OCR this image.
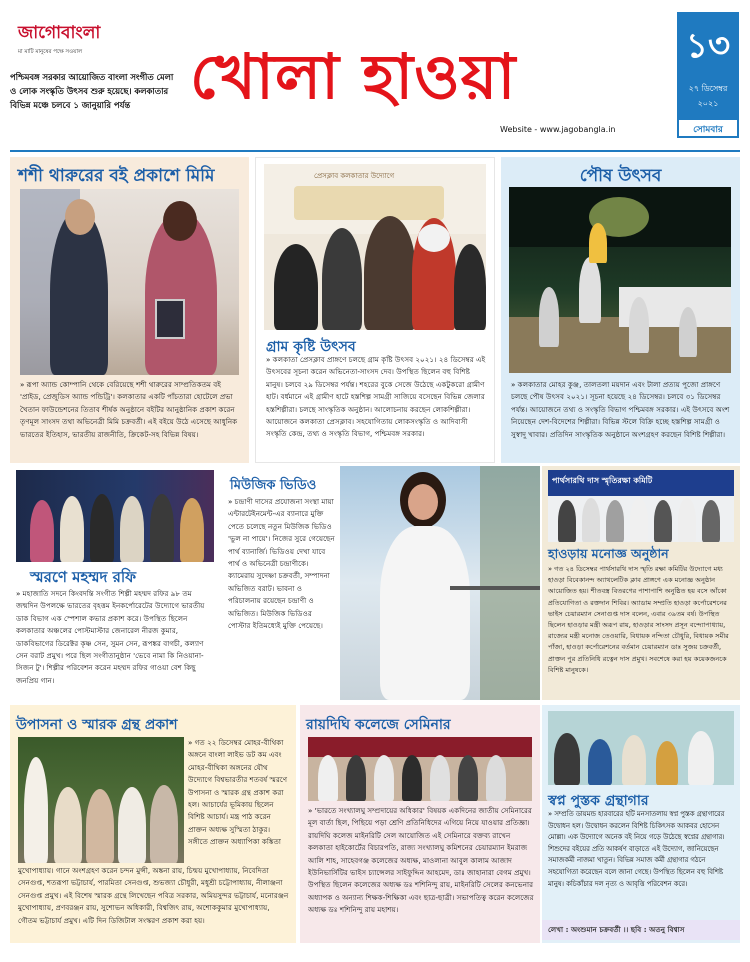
জাগোবাংলা
মা মাটি মানুষের পক্ষে সওয়াল
পশ্চিমবঙ্গ সরকার আয়োজিত বাংলা সংগীত মেলা ও লোক সংস্কৃতি উৎসব শুরু হয়েছে। কলকাতার বিভিন্ন মঞ্চে চলবে ১ জানুয়ারি পর্যন্ত খোলা হাওয়া
Website - www.jagobangla.in
১৩
২৭ ডিসেম্বর
২০২১
সোমবার
শশী থারুরের বই প্রকাশে মিমি
» রূপা অ্যান্ড কোম্পানি থেকে বেরিয়েছে শশী থারুরের সাম্প্রতিকতম বই 'প্রাইড, প্রেজুডিস অ্যান্ড পন্ডিট্রি'। কলকাতার একটি পাঁচতারা হোটেলে প্রভা খৈতান ফাউন্ডেশনের তিতাব শীর্ষক অনুষ্ঠানে বইটির আনুষ্ঠানিক প্রকাশ করেন তৃণমূল সাংসদ তথা অভিনেত্রী মিমি চক্রবর্তী। এই বইয়ে উঠে এসেছে আধুনিক ভারতের ইতিহাস, ভারতীয় রাজনীতি, ক্রিকেট-সহ বিভিন্ন বিষয়।
প্রেসক্লাব কলকাতার উদ্যোগে
গ্রাম কৃষ্টি উৎসব
» কলকাতা প্রেসক্লাব প্রাঙ্গণে চলছে গ্রাম কৃষ্টি উৎসব ২০২১। ২৪ ডিসেম্বর এই উৎসবের সূচনা করেন অভিনেতা-সাংসদ দেব। উপস্থিত ছিলেন বহু বিশিষ্ট মানুষ। চলবে ২৯ ডিসেম্বর পর্যন্ত। শহরের বুকে সেজে উঠেছে একটুকরো গ্রামীণ হাট। বর্ধমানে এই গ্রামীণ হাটে হস্তশিল্প সামগ্রী সাজিয়ে বসেছেন বিভিন্ন জেলার হস্তশিল্পীরা। চলছে সাংস্কৃতিক অনুষ্ঠান। আলোচনায় করছেন লোকশিল্পীরা। আয়োজনে কলকাতা প্রেসক্লাব। সহযোগিতায় লোকসংস্কৃতি ও আদিবাসী সংস্কৃতি কেন্দ্র, তথ্য ও সংস্কৃতি বিভাগ, পশ্চিমবঙ্গ সরকার।
পৌষ উৎসব
» কলকাতার মোহর কুঞ্জ, তালতলা ময়দান এবং টালা প্রত্যয় পুজো প্রাঙ্গণে চলছে পৌষ উৎসব ২০২১। সূচনা হয়েছে ২৪ ডিসেম্বর। চলবে ৩১ ডিসেম্বর পর্যন্ত। আয়োজনে তথ্য ও সংস্কৃতি বিভাগ পশ্চিমবঙ্গ সরকার। এই উৎসবে অংশ নিয়েছেন দেশ-বিদেশের শিল্পীরা। বিভিন্ন স্টলে বিক্রি হচ্ছে হস্তশিল্প সামগ্রী ও সুস্বাদু খাবার। প্রতিদিন সাংস্কৃতিক অনুষ্ঠানে অংশগ্রহণ করছেন বিশিষ্ট শিল্পীরা।
স্মরণে মহম্মদ রফি
» মহাজাতি সদনে কিংবদন্তি সংগীত শিল্পী মহম্মদ রফির ৯৮ তম জন্মদিন উপলক্ষে ভারতের বৃহত্তম ইনকর্পোরেটের উদ্যোগে ভারতীয় ডাক বিভাগ এক স্পেশাল কভার প্রকাশ করে। উপস্থিত ছিলেন কলকাতার অঞ্চলের পোস্টমাস্টার জেনারেল নীরজ কুমার, ডাকবিভাগের ডিরেক্টর কৃষ্ণ সেন, সুমন সেন, রূপঙ্কর বাগচী, কল্যাণ সেন বরাট প্রমুখ। পরে ছিল সংগীতানুষ্ঠান 'ভেবে নামা কি নিওয়ানা-সিজন টু'। শিল্পীর পরিবেশন করেন মহম্মদ রফির গাওয়া বেশ কিছু জনপ্রিয় গান।
মিউজিক ভিডিও
» চন্দ্রাণী দাসের প্রযোজনা সংস্থা মায়া এন্টারটেইনমেন্ট-এর ব্যানারে মুক্তি পেতে চলেছে নতুন মিউজিক ভিডিও 'ভুল না পায়ে'। নিজের সুরে গেয়েছেন পার্থ ব্যানার্জি। ভিডিওয় দেখা যাবে পার্থ ও অভিনেত্রী চন্দ্রাণীকে। ক্যামেরায় সুদেষ্ণা চক্রবর্তী, সম্পাদনা অভিজিত বরাট। ভাবনা ও পরিচালনায় রয়েছেন চন্দ্রাণী ও অভিজিত। মিউজিক ভিডিওর পোস্টার ইতিমধ্যেই মুক্তি পেয়েছে।
পার্থসারথি দাস স্মৃতিরক্ষা কমিটি
হাওড়ায় মনোজ্ঞ অনুষ্ঠান
» গত ২৪ ডিসেম্বর পার্থসারথি দাস স্মৃতি রক্ষা কমিটির উদ্যোগে মধ্য হাওড়া বিবেকানন্দ অ্যাথলেটিক ক্লাব প্রাঙ্গণে এক মনোজ্ঞ অনুষ্ঠান আয়োজিত হয়। শীতবস্ত্র বিতরণের পাশাপাশি অনুষ্ঠিত হয় বসে আঁকো প্রতিযোগিতা ও রক্তদান শিবির। অ্যাডাম সম্প্রতি হাওড়া কর্পোরেশনের ভাইস চেয়ারম্যান সেনাগুপ্ত দাস বলেন, এবার ৩৯তম বর্ষ। উপস্থিত ছিলেন হাওড়ার মন্ত্রী অরূপ রায়, হাওড়ার সাংসদ প্রসূন বন্দ্যোপাধ্যায়, রাজ্যের মন্ত্রী মনোজ তেওয়ারি, বিধায়ক নন্দিতা চৌধুরি, বিধায়ক সমীর পাঁজা, হাওড়া কর্পোরেশনের বর্তমান চেয়ারম্যান ডাঃ সুজয় চক্রবর্তী, প্রাক্তন পুর প্রতিনিধি রত্নেন দাস প্রমুখ। সবশেষে করা হয় কয়েকজনকে বিশিষ্ট মানুষকে।
উপাসনা ও স্মারক গ্রন্থ প্রকাশ
» গত ২২ ডিসেম্বর মোহর-বীথিকা অঙ্গনে বাংলা লাইভ ডট কম এবং মোহর-বীথিকা অঙ্গনের যৌথ উদ্যোগে বিশ্বভারতীর শতবর্ষ স্মরণে উপাসনা ও স্মারক গ্রন্থ প্রকাশ করা হল। আচার্যের ভূমিকায় ছিলেন বিশিষ্ট আচার্য। মন্ত্র পাঠ করেন প্রাক্তন অধ্যক্ষ সুস্মিতা ঠাকুর। সঙ্গীতে প্রাক্তন অধ্যাপিকা কঙ্কিতা
মুখোপাধ্যায়। গানে অংশগ্রহণ করেন চন্দন মুন্সী, অঙ্কনা রায়, চিন্ময় মুখোপাধ্যায়, নিবেদিতা সেনগুপ্ত, শতরূপা ভট্টাচার্য, পারমিতা সেনগুপ্ত, শুভজ্যা চৌধুরী, মধুশ্রী চট্টোপাধ্যায়, নীলাঞ্জনা সেনগুপ্ত প্রমুখ। এই বিশেষ স্মারক গ্রন্থে লিখেছেন পবিত্র সরকার, অমিয়সুন্দর ভট্টাচার্য, মনোরঞ্জন মুখোপাধ্যায়, প্রণবরঞ্জন রায়, সুশোভন অধিকারী, বিশ্বজিৎ রায়, অশোককুমার মুখোপাধ্যায়, গৌতম ভট্টাচার্য প্রমুখ। এটি দিন ডিজিটাল সংস্করণ প্রকাশ করা হয়।
রায়দিঘি কলেজে সেমিনার
» 'ভারতে সংখ্যালঘু সম্প্রদায়ের অধিকার' বিষয়ক একদিনের জাতীয় সেমিনারের মূল বার্তা ছিল, পিছিয়ে পড়া শ্রেণি প্রতিনিধিদের এগিয়ে নিয়ে যাওয়ার প্রতিজ্ঞা। রায়দিঘি কলেজ মাইনরিটি সেল আয়োজিত এই সেমিনারে বক্তব্য রাখেন কলকাতা হাইকোর্টের বিচারপতি, রাজ্য সংখ্যালঘু কমিশনের চেয়ারম্যান ইমরাজ আলি শাহ, সাহেবগঞ্জ কলেজের অধ্যক্ষ, মাওলানা আবুল কালাম আজাদ ইউনিভার্সিটির ভাইস চ্যান্সেলর সাইফুদ্দিন আহমেদ, ডাঃ জাহানারা বেগম প্রমুখ। উপস্থিত ছিলেন কলেজের অধ্যক্ষ ডঃ শশিনিন্দু রায়, মাইনরিটি সেলের কনভেনার অধ্যাপক ও অন্যান্য শিক্ষক-শিক্ষিকা এবং ছাত্র-ছাত্রী। সভাপতিত্ব করেন কলেজের অধ্যক্ষ ডঃ শশিনিন্দু রায় মহাশয়।
স্বপ্ন পুস্তক গ্রন্থাগার
» সম্প্রতি ডায়মন্ড হারবারের হটি মনসাতলায় স্বপ্ন পুস্তক গ্রন্থাগারের উদ্বোধন হল। উদ্বোধন করলেন বিশিষ্ট চিকিৎসক আকবর হোসেন মোল্লা। এক উদ্যোগে অনেক বই নিয়ে গড়ে উঠেছে স্বপ্নের গ্রন্থাগার। শিশুদের বইয়ের প্রতি আকর্ষণ বাড়াতে এই উদ্যোগ, জানিয়েছেন সমাজকর্মী নাজমা খাতুন। বিভিন্ন সমাজ কর্মী গ্রন্থাগার গঠনে সহযোগিতা করেছেন বলে জানা গেছে। উপস্থিত ছিলেন বহু বিশিষ্ট মানুষ। কচিকাঁচার দল নৃত্য ও আবৃত্তি পরিবেশন করে।
লেখা : অংশুমান চক্রবর্তী ।। ছবি : অতনু বিশ্বাস
